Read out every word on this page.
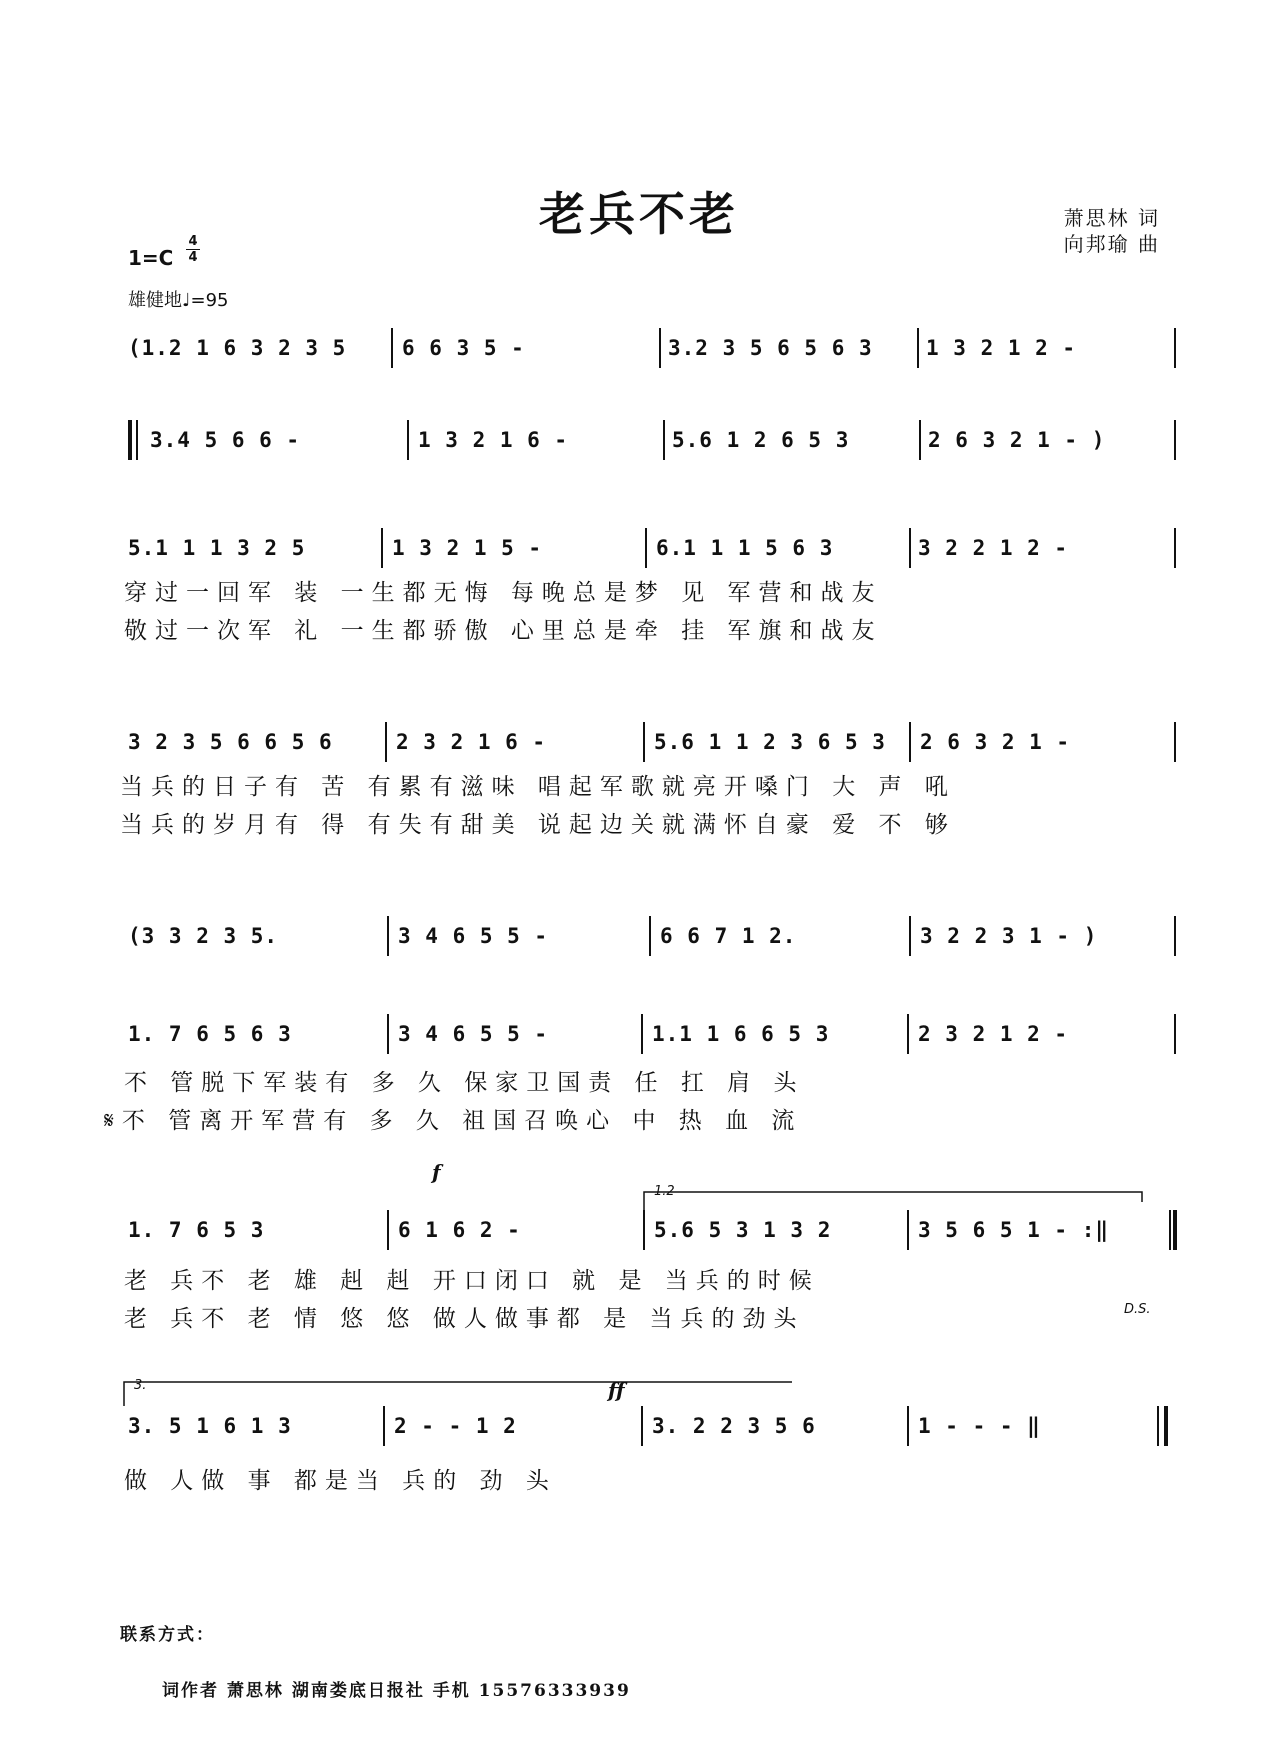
老兵不老	萧思林 词
向邦瑜 曲
1=C
4
4
雄健地♩=95
(1.2 1 6 3 2 3 5	6 6 3 5 -	3.2 3 5 6 5 6 3	1 3 2 1 2 -
3.4 5 6 6 -	1 3 2 1 6 -	5.6 1 2 6 5 3	2 6 3 2 1 - )
5.1 1 1 3 2 5	1 3 2 1 5 -	6.1 1 1 5 6 3	3 2 2 1 2 -
穿过一回军 装 一生都无悔 每晚总是梦 见 军营和战友
敬过一次军 礼 一生都骄傲 心里总是牵 挂 军旗和战友
3 2 3 5 6 6 5 6	2 3 2 1 6 -	5.6 1 1 2 3 6 5 3 2 6 3 2 1 -
当兵的日子有 苦 有累有滋味 唱起军歌就亮开嗓门 大 声 吼
当兵的岁月有 得 有失有甜美 说起边关就满怀自豪 爱 不 够
(3 3 2 3 5.	3 4 6 5 5 -	6 6 7 1 2.	3 2 2 3 1 - )
1. 7 6 5 6 3	3 4 6 5 5 -	1.1 1 6 6 5 3	2 3 2 1 2 -
不 管脱下军装有 多 久 保家卫国责 任 扛 肩 头
𝄋不 管离开军营有 多 久 祖国召唤心 中 热 血 流
f
1.2
1. 7 6 5 3	6 1 6 2 -	5.6 5 3 1 3 2	3 5 6 5 1 - :‖
老 兵不 老 雄 赳 赳 开口闭口 就 是 当兵的时候
老 兵不 老 情 悠 悠 做人做事都 是 当兵的劲头	D.S.
3.	ff
3. 5 1 6 1 3	2 - - 1 2	3. 2 2 3 5 6	1 - - - ‖
做 人做 事 都是当 兵的 劲 头
联系方式：
词作者 萧思林 湖南娄底日报社 手机 15576333939
